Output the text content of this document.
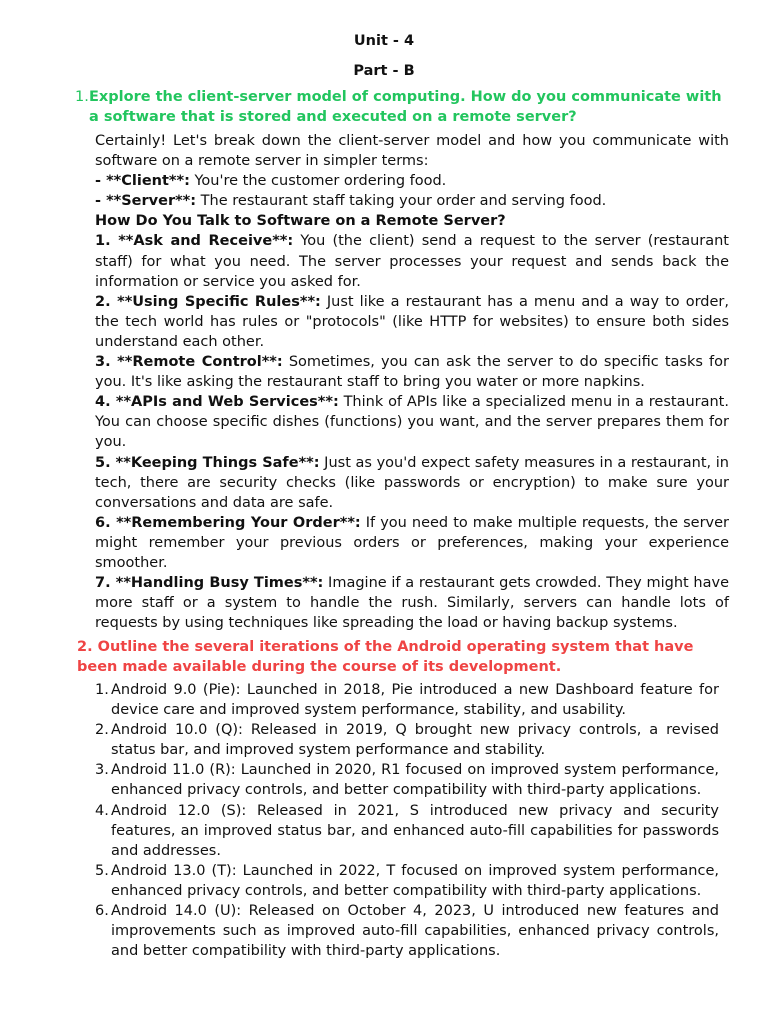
Unit - 4
Part - B
1. Explore the client-server model of computing. How do you communicate with a software that is stored and executed on a remote server?

Certainly! Let's break down the client-server model and how you communicate with software on a remote server in simpler terms:

- **Client**: You're the customer ordering food.

- **Server**: The restaurant staff taking your order and serving food.

How Do You Talk to Software on a Remote Server?

1. **Ask and Receive**: You (the client) send a request to the server (restaurant staff) for what you need. The server processes your request and sends back the information or service you asked for.

2. **Using Specific Rules**: Just like a restaurant has a menu and a way to order, the tech world has rules or "protocols" (like HTTP for websites) to ensure both sides understand each other.

3. **Remote Control**: Sometimes, you can ask the server to do specific tasks for you. It's like asking the restaurant staff to bring you water or more napkins.

4. **APIs and Web Services**: Think of APIs like a specialized menu in a restaurant. You can choose specific dishes (functions) you want, and the server prepares them for you.

5. **Keeping Things Safe**: Just as you'd expect safety measures in a restaurant, in tech, there are security checks (like passwords or encryption) to make sure your conversations and data are safe.

6. **Remembering Your Order**: If you need to make multiple requests, the server might remember your previous orders or preferences, making your experience smoother.

7. **Handling Busy Times**: Imagine if a restaurant gets crowded. They might have more staff or a system to handle the rush. Similarly, servers can handle lots of requests by using techniques like spreading the load or having backup systems.

2. Outline the several iterations of the Android operating system that have been made available during the course of its development.
1. Android 9.0 (Pie): Launched in 2018, Pie introduced a new Dashboard feature for device care and improved system performance, stability, and usability.
2. Android 10.0 (Q): Released in 2019, Q brought new privacy controls, a revised status bar, and improved system performance and stability.
3. Android 11.0 (R): Launched in 2020, R1 focused on improved system performance, enhanced privacy controls, and better compatibility with third-party applications.
4. Android 12.0 (S): Released in 2021, S introduced new privacy and security features, an improved status bar, and enhanced auto-fill capabilities for passwords and addresses.
5. Android 13.0 (T): Launched in 2022, T focused on improved system performance, enhanced privacy controls, and better compatibility with third-party applications.
6. Android 14.0 (U): Released on October 4, 2023, U introduced new features and improvements such as improved auto-fill capabilities, enhanced privacy controls, and better compatibility with third-party applications.
